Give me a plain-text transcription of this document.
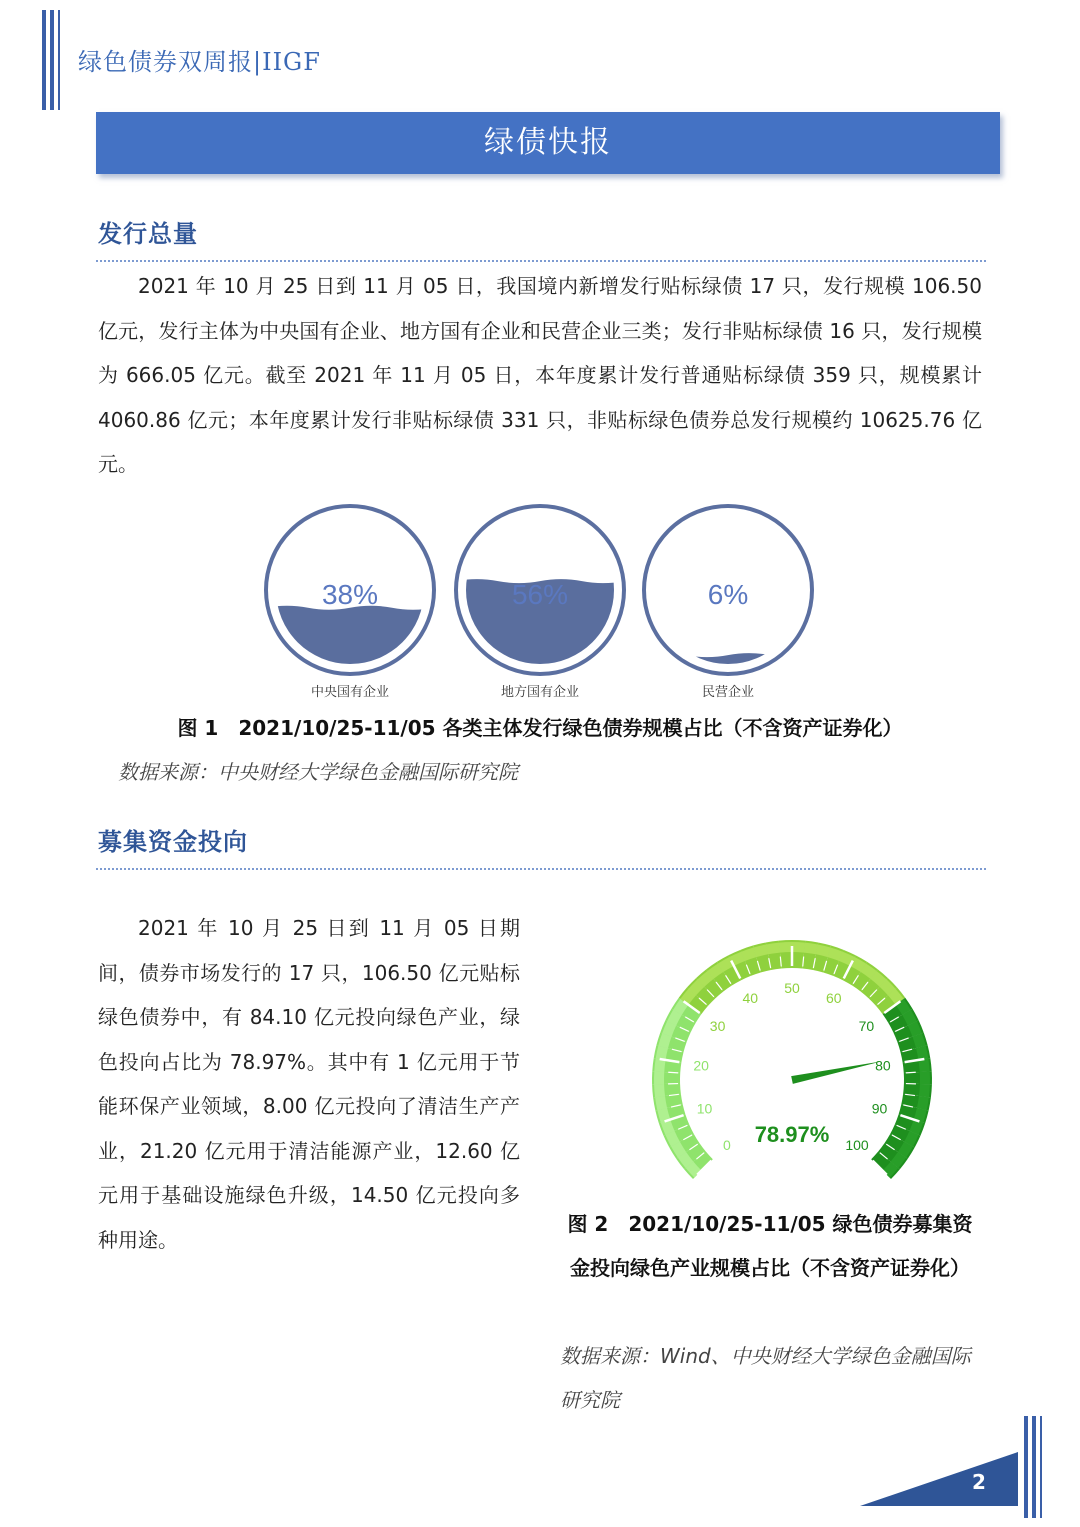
绿色债券双周报|IIGF
绿债快报
发行总量

2021 年 10 月 25 日到 11 月 05 日，我国境内新增发行贴标绿债 17 只，发行规模 106.50 亿元，发行主体为中央国有企业、地方国有企业和民营企业三类；发行非贴标绿债 16 只，发行规模为 666.05 亿元。截至 2021 年 11 月 05 日，本年度累计发行普通贴标绿债 359 只，规模累计 4060.86 亿元；本年度累计发行非贴标绿债 331 只，非贴标绿色债券总发行规模约 10625.76 亿元。

38%
中央国有企业
56%
地方国有企业
6%
民营企业
图 1　2021/10/25-11/05 各类主体发行绿色债券规模占比（不含资产证券化）
数据来源：中央财经大学绿色金融国际研究院
募集资金投向

2021 年 10 月 25 日到 11 月 05 日期间，债券市场发行的 17 只，106.50 亿元贴标绿色债券中，有 84.10 亿元投向绿色产业，绿色投向占比为 78.97%。其中有 1 亿元用于节能环保产业领域，8.00 亿元投向了清洁生产产业，21.20 亿元用于清洁能源产业，12.60 亿元用于基础设施绿色升级，14.50 亿元投向多种用途。

0
10
20
30
40
50
60
70
80
90
100
78.97%
图 2　2021/10/25-11/05 绿色债券募集资金投向绿色产业规模占比（不含资产证券化）
数据来源：Wind、中央财经大学绿色金融国际研究院
2
